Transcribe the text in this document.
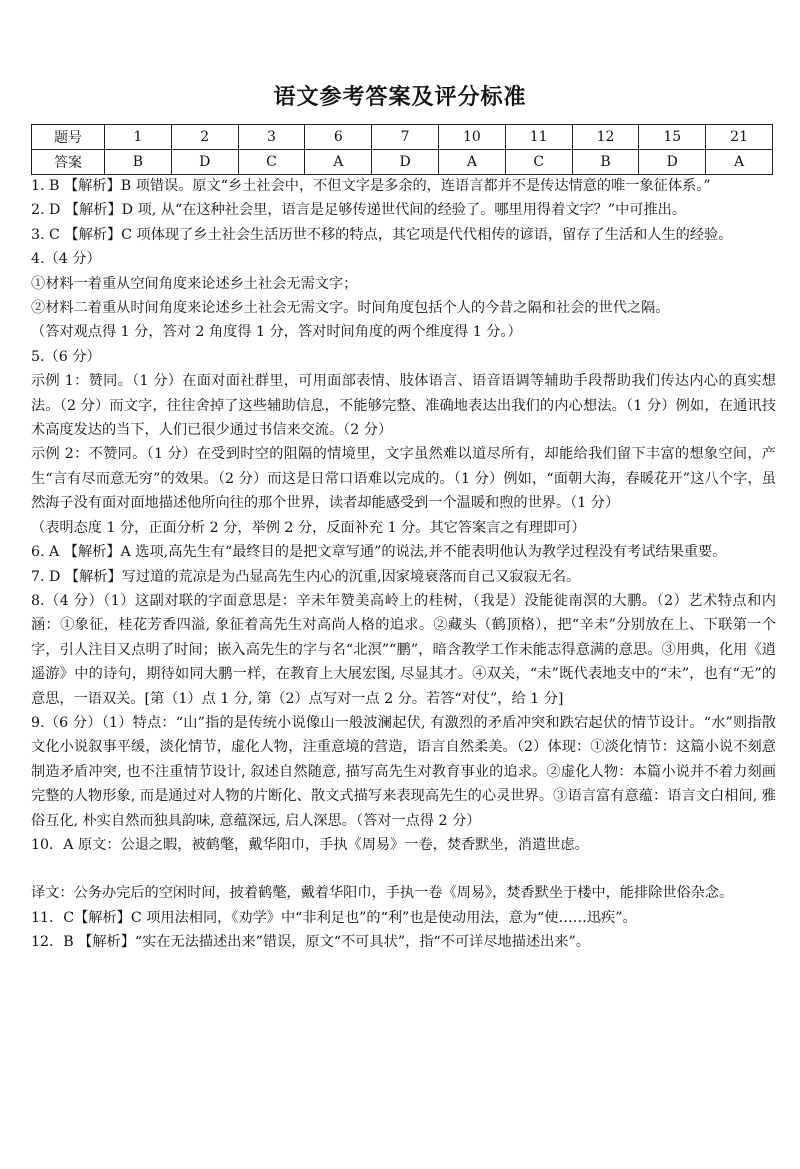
语文参考答案及评分标准
题号	1	2	3	6	7	10	11	12	15	21
答案	B	D	C	A	D	A	C	B	D	A

1. B 【解析】B 项错误。原文“乡土社会中，不但文字是多余的，连语言都并不是传达情意的唯一象征体系。”

2. D 【解析】D 项, 从“在这种社会里，语言是足够传递世代间的经验了。哪里用得着文字？”中可推出。

3. C 【解析】C 项体现了乡土社会生活历世不移的特点，其它项是代代相传的谚语，留存了生活和人生的经验。

4.（4 分）

①材料一着重从空间角度来论述乡土社会无需文字；

②材料二着重从时间角度来论述乡土社会无需文字。时间角度包括个人的今昔之隔和社会的世代之隔。

（答对观点得 1 分，答对 2 角度得 1 分，答对时间角度的两个维度得 1 分。）

5.（6 分）

示例 1：赞同。（1 分）在面对面社群里，可用面部表情、肢体语言、语音语调等辅助手段帮助我们传达内心的真实想法。（2 分）而文字，往往舍掉了这些辅助信息，不能够完整、准确地表达出我们的内心想法。（1 分）例如，在通讯技术高度发达的当下，人们已很少通过书信来交流。（2 分）

示例 2：不赞同。（1 分）在受到时空的阻隔的情境里，文字虽然难以道尽所有，却能给我们留下丰富的想象空间，产生“言有尽而意无穷”的效果。（2 分）而这是日常口语难以完成的。（1 分）例如，“面朝大海，春暖花开”这八个字，虽然海子没有面对面地描述他所向往的那个世界，读者却能感受到一个温暖和煦的世界。（1 分）

（表明态度 1 分，正面分析 2 分，举例 2 分，反面补充 1 分。其它答案言之有理即可）

6. A 【解析】A 选项,高先生有“最终目的是把文章写通”的说法,并不能表明他认为教学过程没有考试结果重要。

7. D 【解析】写过道的荒凉是为凸显高先生内心的沉重,因家境衰落而自己又寂寂无名。

8.（4 分）（1）这副对联的字面意思是：辛未年赞美高岭上的桂树，（我是）没能徙南溟的大鹏。（2）艺术特点和内涵：①象征，桂花芳香四溢, 象征着高先生对高尚人格的追求。②藏头（鹤顶格），把“辛未”分别放在上、下联第一个字，引人注目又点明了时间；嵌入高先生的字与名“北溟”“鹏”，暗含教学工作未能志得意满的意思。③用典，化用《逍遥游》中的诗句，期待如同大鹏一样，在教育上大展宏图, 尽显其才。④双关，“未”既代表地支中的“未”，也有“无”的意思，一语双关。[第（1）点 1 分, 第（2）点写对一点 2 分。若答“对仗”，给 1 分]

9.（6 分）（1）特点：“山”指的是传统小说像山一般波澜起伏, 有激烈的矛盾冲突和跌宕起伏的情节设计。“水”则指散文化小说叙事平缓，淡化情节，虚化人物，注重意境的营造，语言自然柔美。（2）体现：①淡化情节：这篇小说不刻意制造矛盾冲突, 也不注重情节设计, 叙述自然随意, 描写高先生对教育事业的追求。②虚化人物：本篇小说并不着力刻画完整的人物形象, 而是通过对人物的片断化、散文式描写来表现高先生的心灵世界。③语言富有意蕴：语言文白相间, 雅俗互化, 朴实自然而独具韵味, 意蕴深远, 启人深思。（答对一点得 2 分）

10．A 原文：公退之暇，被鹤氅，戴华阳巾，手执《周易》一卷，焚香默坐，消遣世虑。

译文：公务办完后的空闲时间，披着鹤氅，戴着华阳巾，手执一卷《周易》，焚香默坐于楼中，能排除世俗杂念。

11．C【解析】C 项用法相同，《劝学》中“非利足也”的“利”也是使动用法，意为“使……迅疾”。

12．B 【解析】“实在无法描述出来”错误，原文“不可具状”，指“不可详尽地描述出来”。
